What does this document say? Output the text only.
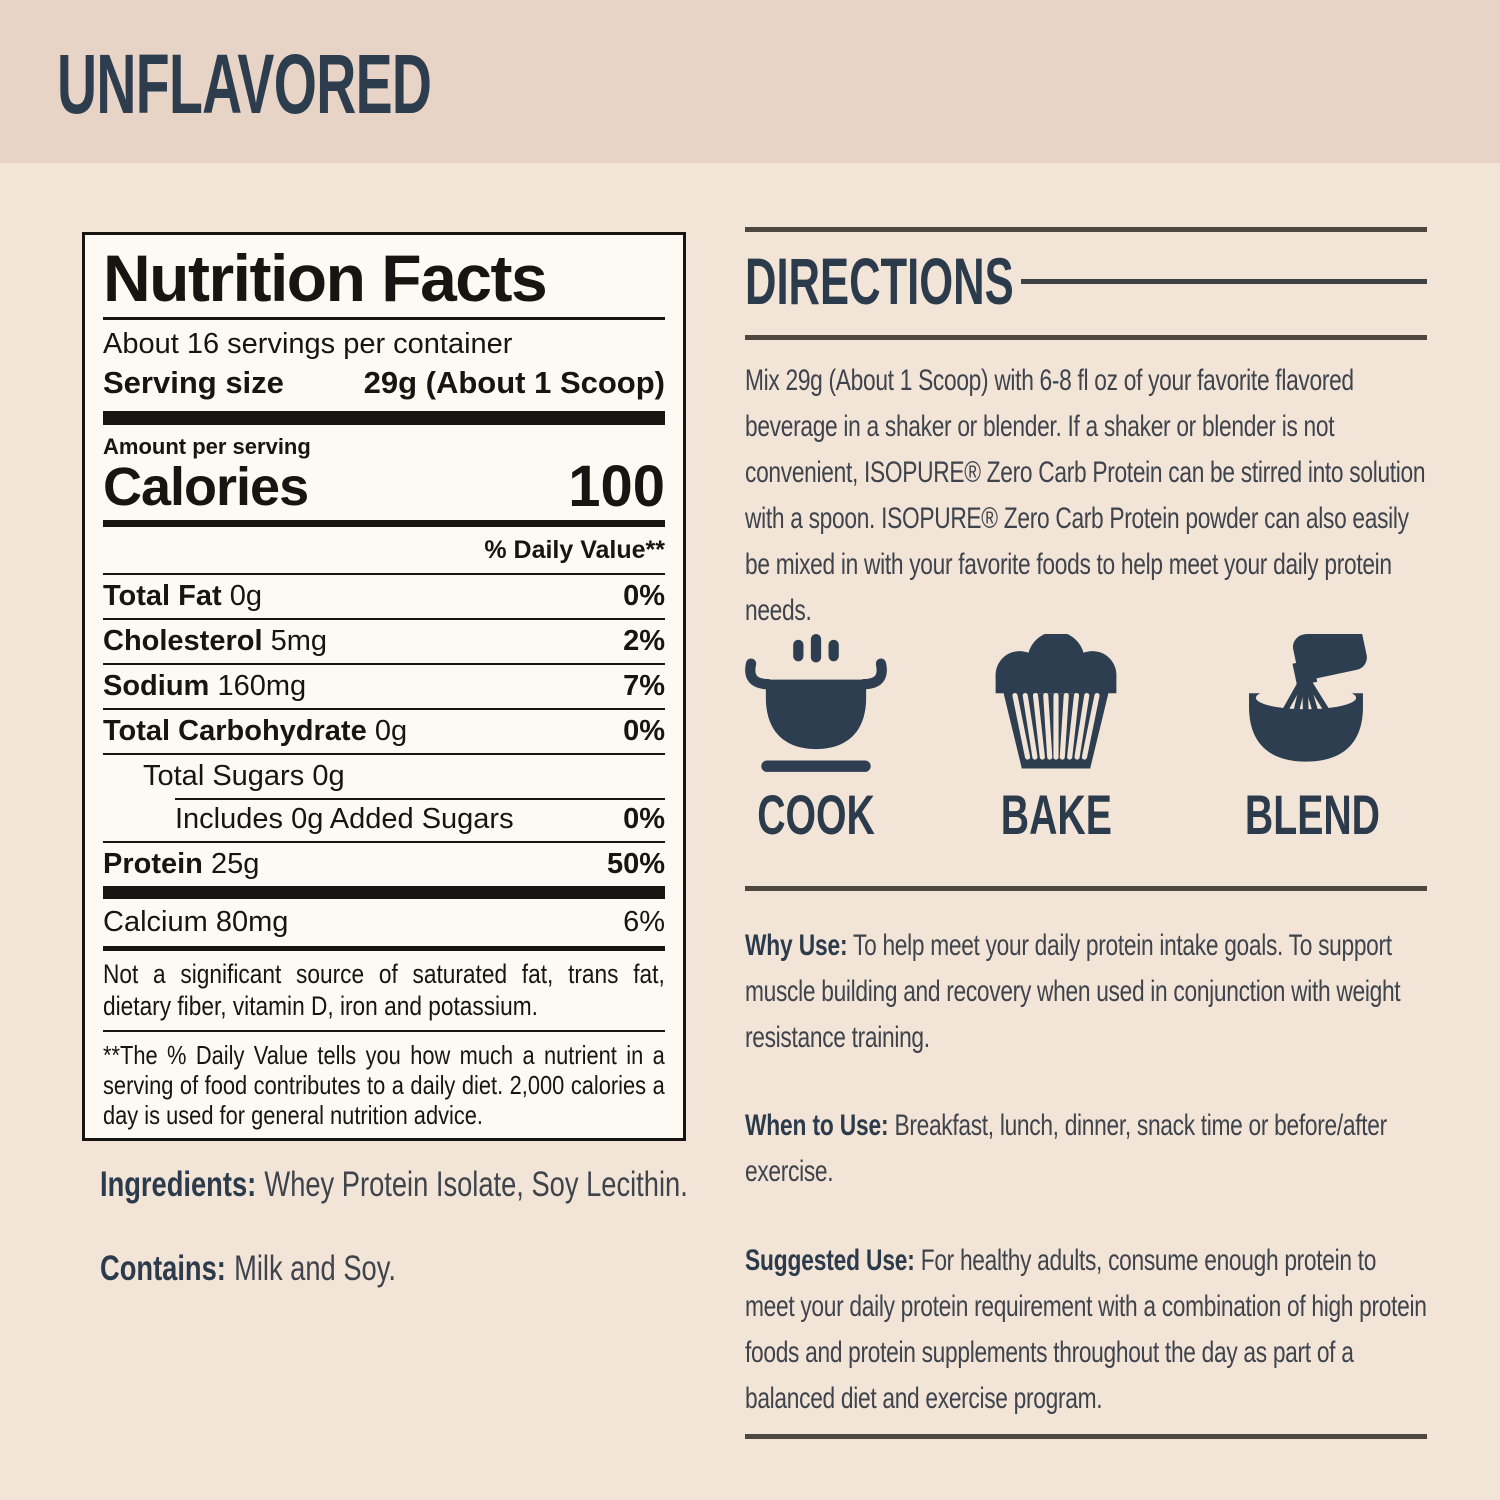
UNFLAVORED
Nutrition Facts
About 16 servings per container
Serving size	29g (About 1 Scoop)
Amount per serving
Calories	100
% Daily Value**
Total Fat 0g	0%
Cholesterol 5mg	2%
Sodium 160mg	7%
Total Carbohydrate 0g	0%
Total Sugars 0g
Includes 0g Added Sugars	0%
Protein 25g	50%
Calcium 80mg	6%
Not a significant source of saturated fat, trans fat, dietary fiber, vitamin D, iron and potassium.
**The % Daily Value tells you how much a nutrient in a serving of food contributes to a daily diet. 2,000 calories a day is used for general nutrition advice.
Ingredients: Whey Protein Isolate, Soy Lecithin.
Contains: Milk and Soy.
DIRECTIONS
Mix 29g (About 1 Scoop) with 6-8 fl oz of your favorite flavored beverage in a shaker or blender. If a shaker or blender is not convenient, ISOPURE® Zero Carb Protein can be stirred into solution with a spoon. ISOPURE® Zero Carb Protein powder can also easily be mixed in with your favorite foods to help meet your daily protein needs.
COOK	BAKE	BLEND
Why Use: To help meet your daily protein intake goals. To support muscle building and recovery when used in conjunction with weight resistance training.
When to Use: Breakfast, lunch, dinner, snack time or before/after exercise.
Suggested Use: For healthy adults, consume enough protein to meet your daily protein requirement with a combination of high protein foods and protein supplements throughout the day as part of a balanced diet and exercise program.
